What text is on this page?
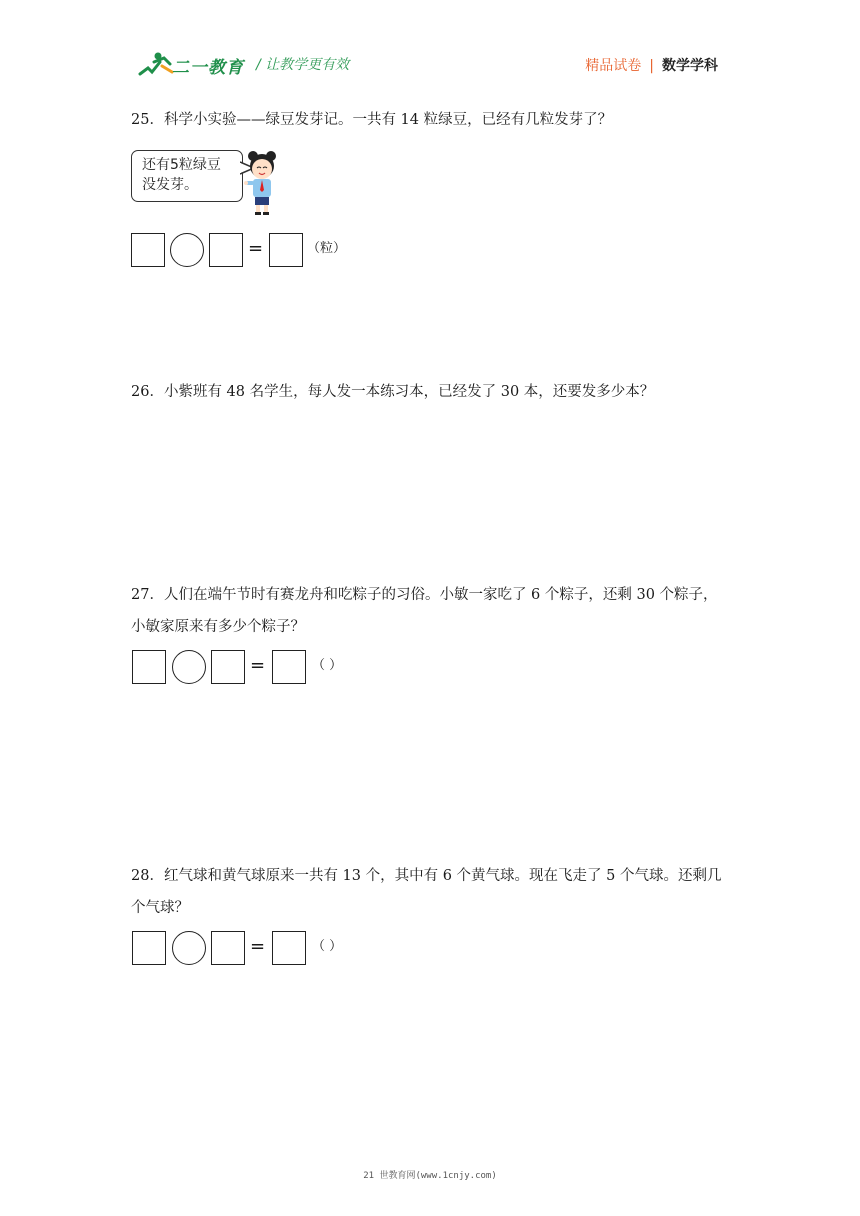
二一教育 / 让教学更有效	精品试卷 | 数学学科
25．科学小实验——绿豆发芽记。一共有 14 粒绿豆，已经有几粒发芽了？
还有5粒绿豆没发芽。
=	（粒）
26．小紫班有 48 名学生，每人发一本练习本，已经发了 30 本，还要发多少本？
27．人们在端午节时有赛龙舟和吃粽子的习俗。小敏一家吃了 6 个粽子，还剩 30 个粽子，
小敏家原来有多少个粽子？
=	（ ）
28．红气球和黄气球原来一共有 13 个，其中有 6 个黄气球。现在飞走了 5 个气球。还剩几
个气球？
=	（ ）
21 世教育网(www.1cnjy.com)
